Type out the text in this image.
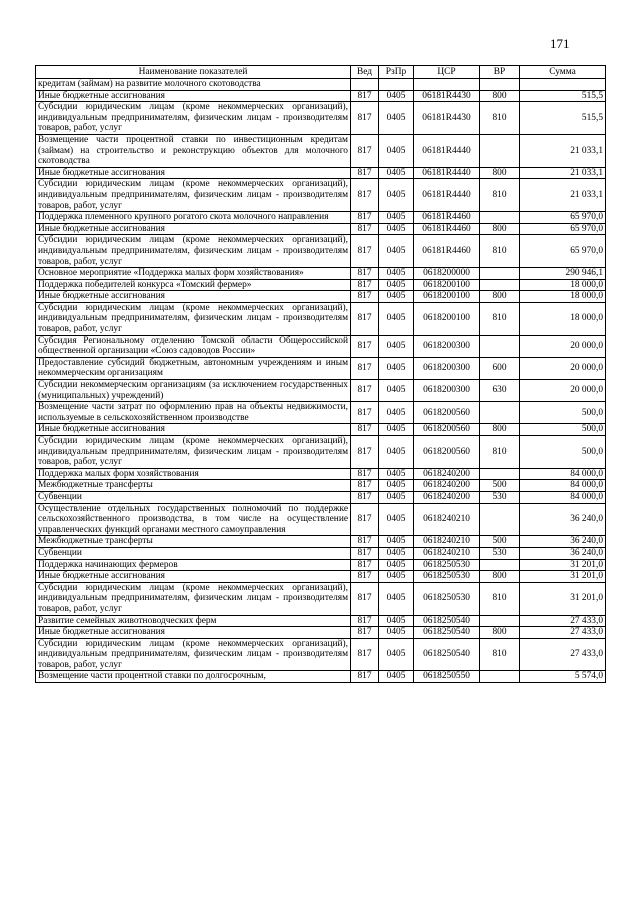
171
Наименование показателей	Вед	РзПр	ЦСР	ВР	Сумма
кредитам (займам) на развитие молочного скотоводства					
Иные бюджетные ассигнования	817	0405	06181R4430	800	515,5
Субсидии юридическим лицам (кроме некоммерческих организаций), индивидуальным предпринимателям, физическим лицам - производителям товаров, работ, услуг	817	0405	06181R4430	810	515,5
Возмещение части процентной ставки по инвестиционным кредитам (займам) на строительство и реконструкцию объектов для молочного скотоводства	817	0405	06181R4440		21 033,1
Иные бюджетные ассигнования	817	0405	06181R4440	800	21 033,1
Субсидии юридическим лицам (кроме некоммерческих организаций), индивидуальным предпринимателям, физическим лицам - производителям товаров, работ, услуг	817	0405	06181R4440	810	21 033,1
Поддержка племенного крупного рогатого скота молочного направления	817	0405	06181R4460		65 970,0
Иные бюджетные ассигнования	817	0405	06181R4460	800	65 970,0
Субсидии юридическим лицам (кроме некоммерческих организаций), индивидуальным предпринимателям, физическим лицам - производителям товаров, работ, услуг	817	0405	06181R4460	810	65 970,0
Основное мероприятие «Поддержка малых форм хозяйствования»	817	0405	0618200000		290 946,1
Поддержка победителей конкурса «Томский фермер»	817	0405	0618200100		18 000,0
Иные бюджетные ассигнования	817	0405	0618200100	800	18 000,0
Субсидии юридическим лицам (кроме некоммерческих организаций), индивидуальным предпринимателям, физическим лицам - производителям товаров, работ, услуг	817	0405	0618200100	810	18 000,0
Субсидия Региональному отделению Томской области Общероссийской общественной организации «Союз садоводов России»	817	0405	0618200300		20 000,0
Предоставление субсидий бюджетным, автономным учреждениям и иным некоммерческим организациям	817	0405	0618200300	600	20 000,0
Субсидии некоммерческим организациям (за исключением государственных (муниципальных) учреждений)	817	0405	0618200300	630	20 000,0
Возмещение части затрат по оформлению прав на объекты недвижимости, используемые в сельскохозяйственном производстве	817	0405	0618200560		500,0
Иные бюджетные ассигнования	817	0405	0618200560	800	500,0
Субсидии юридическим лицам (кроме некоммерческих организаций), индивидуальным предпринимателям, физическим лицам - производителям товаров, работ, услуг	817	0405	0618200560	810	500,0
Поддержка малых форм хозяйствования	817	0405	0618240200		84 000,0
Межбюджетные трансферты	817	0405	0618240200	500	84 000,0
Субвенции	817	0405	0618240200	530	84 000,0
Осуществление отдельных государственных полномочий по поддержке сельскохозяйственного производства, в том числе на осуществление управленческих функций органами местного самоуправления	817	0405	0618240210		36 240,0
Межбюджетные трансферты	817	0405	0618240210	500	36 240,0
Субвенции	817	0405	0618240210	530	36 240,0
Поддержка начинающих фермеров	817	0405	0618250530		31 201,0
Иные бюджетные ассигнования	817	0405	0618250530	800	31 201,0
Субсидии юридическим лицам (кроме некоммерческих организаций), индивидуальным предпринимателям, физическим лицам - производителям товаров, работ, услуг	817	0405	0618250530	810	31 201,0
Развитие семейных животноводческих ферм	817	0405	0618250540		27 433,0
Иные бюджетные ассигнования	817	0405	0618250540	800	27 433,0
Субсидии юридическим лицам (кроме некоммерческих организаций), индивидуальным предпринимателям, физическим лицам - производителям товаров, работ, услуг	817	0405	0618250540	810	27 433,0
Возмещение части процентной ставки по долгосрочным,	817	0405	0618250550		5 574,0
